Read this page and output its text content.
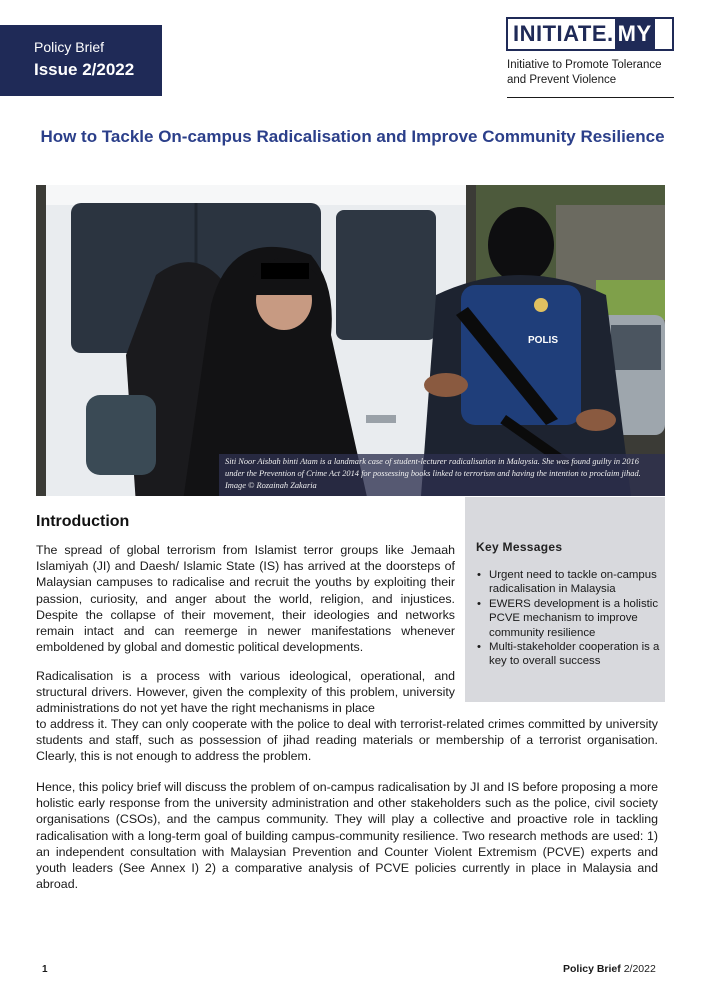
Policy Brief
Issue 2/2022
INITIATE. MY
Initiative to Promote Tolerance
and Prevent Violence
How to Tackle On-campus Radicalisation and Improve Community Resilience
POLIS
Siti Noor Aisbah binti Atam is a landmark case of student-lecturer radicalisation in Malaysia. She was found guilty in 2016 under the Prevention of Crime Act 2014 for possessing books linked to terrorism and having the intention to proclaim jihad. Image © Rozainah Zakaria
Introduction
Key Messages
• Urgent need to tackle on-campus radicalisation in Malaysia
• EWERS development is a holistic PCVE mechanism to improve community resilience
• Multi-stakeholder cooperation is a key to overall success
The spread of global terrorism from Islamist terror groups like Jemaah Islamiyah (JI) and Daesh/ Islamic State (IS) has arrived at the doorsteps of Malaysian campuses to radicalise and recruit the youths by exploiting their passion, curiosity, and anger about the world, religion, and injustices. Despite the collapse of their movement, their ideologies and networks remain intact and can reemerge in newer manifestations whenever emboldened by global and domestic political developments.
Radicalisation is a process with various ideological, operational, and structural drivers. However, given the complexity of this problem, university administrations do not yet have the right mechanisms in place
to address it. They can only cooperate with the police to deal with terrorist-related crimes committed by university students and staff, such as possession of jihad reading materials or membership of a terrorist organisation. Clearly, this is not enough to address the problem.
Hence, this policy brief will discuss the problem of on-campus radicalisation by JI and IS before proposing a more holistic early response from the university administration and other stakeholders such as the police, civil society organisations (CSOs), and the campus community. They will play a collective and proactive role in tackling radicalisation with a long-term goal of building campus-community resilience. Two research methods are used: 1) an independent consultation with Malaysian Prevention and Counter Violent Extremism (PCVE) experts and youth leaders (See Annex I) 2) a comparative analysis of PCVE policies currently in place in Malaysia and abroad.
1	Policy Brief 2/2022
